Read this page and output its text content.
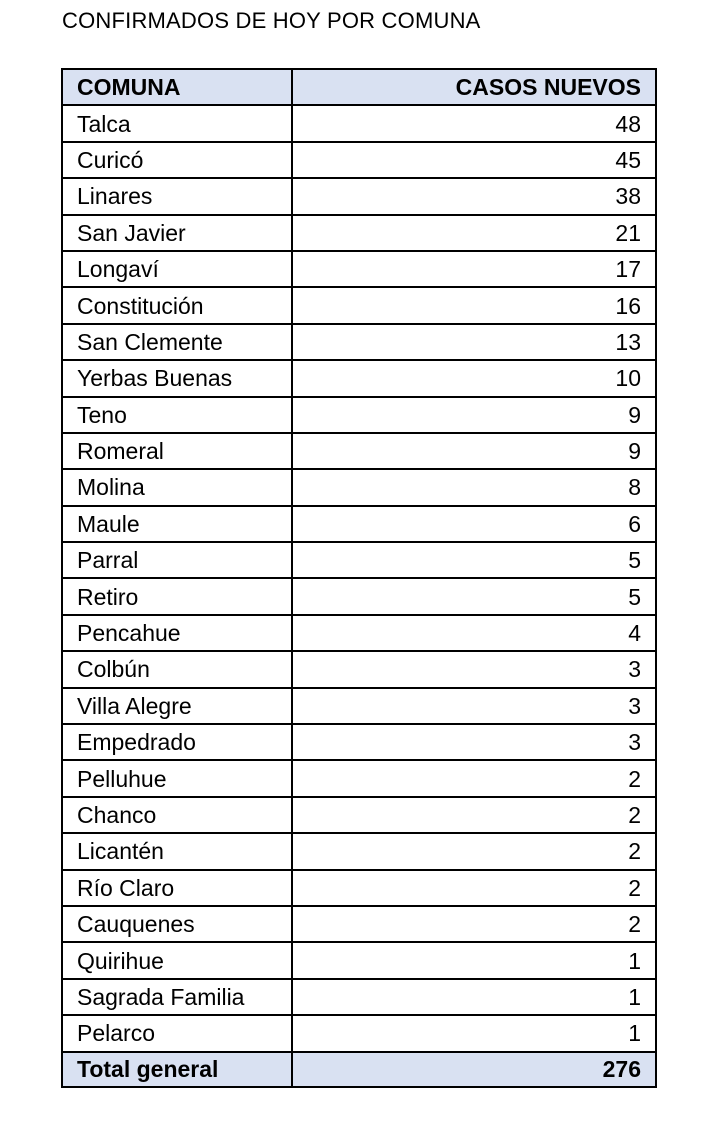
CONFIRMADOS DE HOY POR COMUNA
COMUNA	CASOS NUEVOS
Talca	48
Curicó	45
Linares	38
San Javier	21
Longaví	17
Constitución	16
San Clemente	13
Yerbas Buenas	10
Teno	9
Romeral	9
Molina	8
Maule	6
Parral	5
Retiro	5
Pencahue	4
Colbún	3
Villa Alegre	3
Empedrado	3
Pelluhue	2
Chanco	2
Licantén	2
Río Claro	2
Cauquenes	2
Quirihue	1
Sagrada Familia	1
Pelarco	1
Total general	276
